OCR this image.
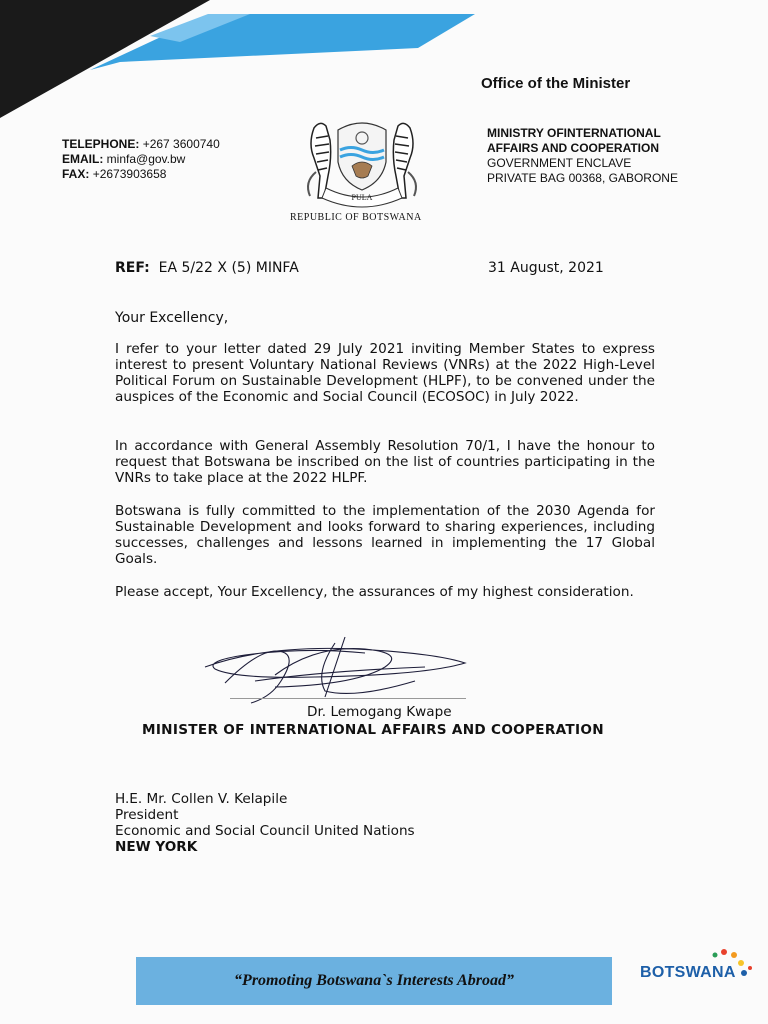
Office of the Minister
TELEPHONE: +267 3600740
EMAIL: minfa@gov.bw
FAX: +2673903658
MINISTRY OFINTERNATIONAL
AFFAIRS AND COOPERATION
GOVERNMENT ENCLAVE
PRIVATE BAG 00368, GABORONE
PULA
REPUBLIC OF BOTSWANA
REF: EA 5/22 X (5) MINFA	31 August, 2021
Your Excellency,
I refer to your letter dated 29 July 2021 inviting Member States to express interest to present Voluntary National Reviews (VNRs) at the 2022 High-Level Political Forum on Sustainable Development (HLPF), to be convened under the auspices of the Economic and Social Council (ECOSOC) in July 2022.
In accordance with General Assembly Resolution 70/1, I have the honour to request that Botswana be inscribed on the list of countries participating in the VNRs to take place at the 2022 HLPF.
Botswana is fully committed to the implementation of the 2030 Agenda for Sustainable Development and looks forward to sharing experiences, including successes, challenges and lessons learned in implementing the 17 Global Goals.
Please accept, Your Excellency, the assurances of my highest consideration.
Dr. Lemogang Kwape
MINISTER OF INTERNATIONAL AFFAIRS AND COOPERATION
H.E. Mr. Collen V. Kelapile
President
Economic and Social Council United Nations
NEW YORK
“Promoting Botswana`s Interests Abroad”	BOTSWANA
